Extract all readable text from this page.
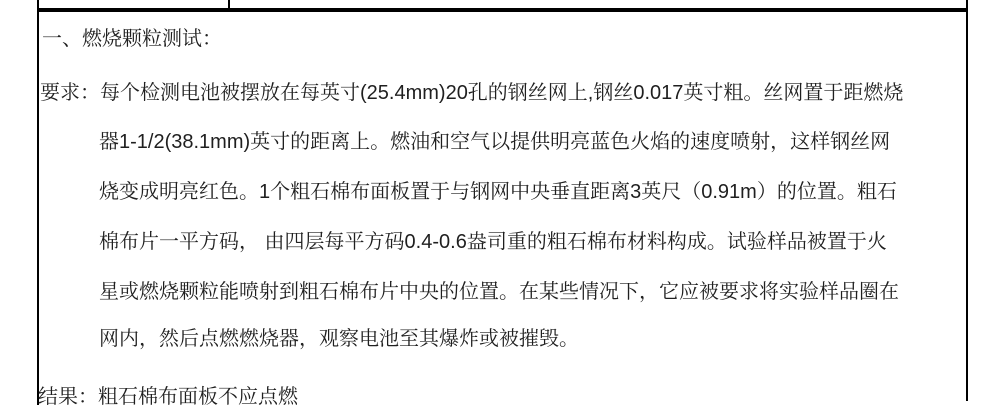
一、燃烧颗粒测试：
要求：每个检测电池被摆放在每英寸(25.4mm)20孔的钢丝网上,钢丝0.017英寸粗。丝网置于距燃烧
器1-1/2(38.1mm)英寸的距离上。燃油和空气以提供明亮蓝色火焰的速度喷射，这样钢丝网
烧变成明亮红色。1个粗石棉布面板置于与钢网中央垂直距离3英尺（0.91m）的位置。粗石
棉布片一平方码， 由四层每平方码0.4-0.6盎司重的粗石棉布材料构成。试验样品被置于火
星或燃烧颗粒能喷射到粗石棉布片中央的位置。在某些情况下，它应被要求将实验样品圈在
网内，然后点燃燃烧器，观察电池至其爆炸或被摧毁。
结果：粗石棉布面板不应点燃
